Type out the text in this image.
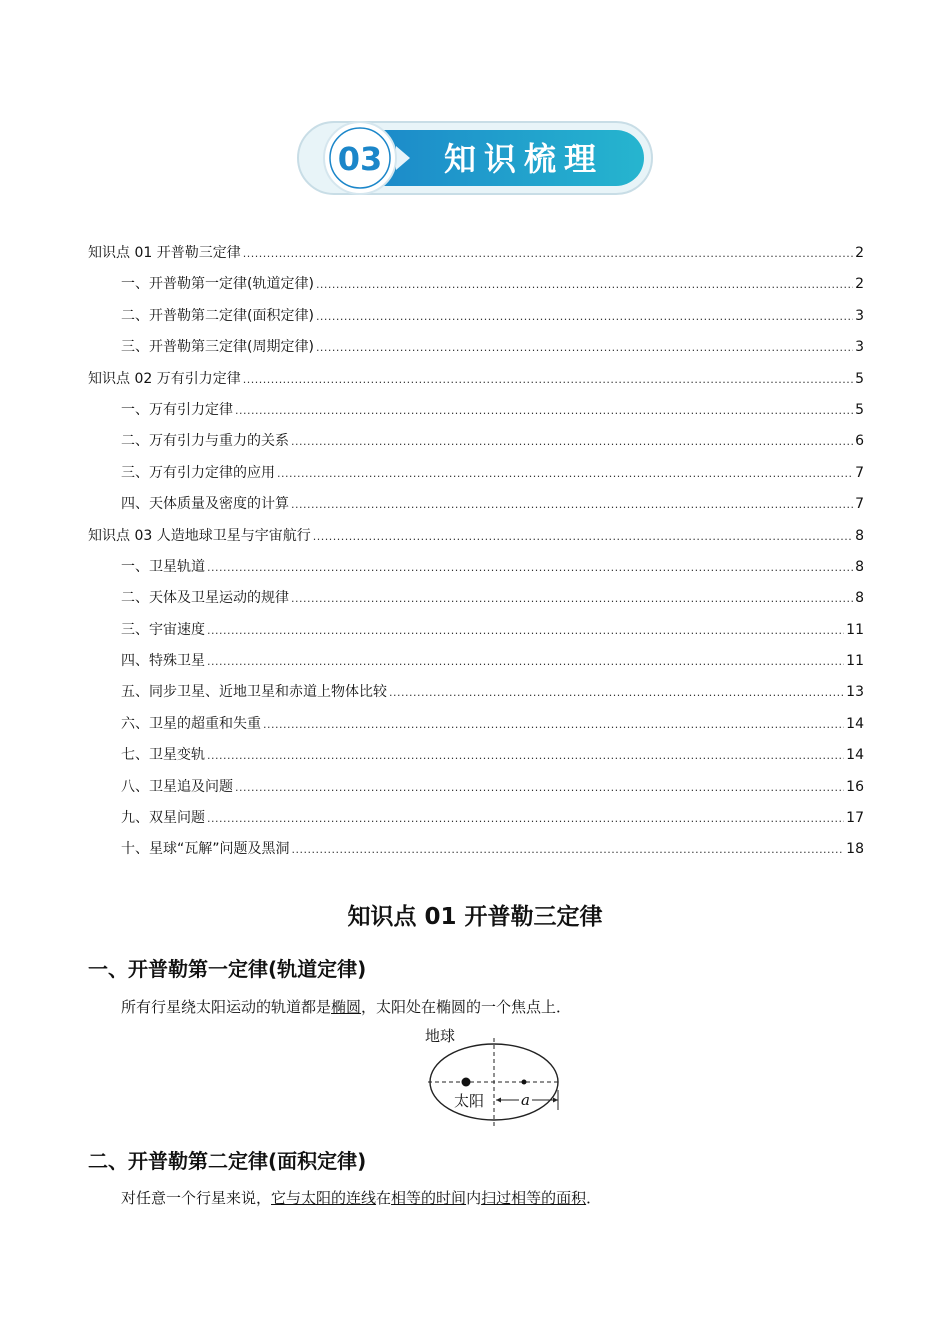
03 知识梳理
知识点 01 开普勒三定律 .....	2
一、开普勒第一定律(轨道定律) .....	2
二、开普勒第二定律(面积定律) .....	3
三、开普勒第三定律(周期定律) .....	3
知识点 02 万有引力定律 .....	5
一、万有引力定律 .....	5
二、万有引力与重力的关系 .....	6
三、万有引力定律的应用 .....	7
四、天体质量及密度的计算 .....	7
知识点 03 人造地球卫星与宇宙航行 .....	8
一、卫星轨道 .....	8
二、天体及卫星运动的规律 .....	8
三、宇宙速度 .....	11
四、特殊卫星 .....	11
五、同步卫星、近地卫星和赤道上物体比较 .....	13
六、卫星的超重和失重 .....	14
七、卫星变轨 .....	14
八、卫星追及问题 .....	16
九、双星问题 .....	17
十、星球“瓦解”问题及黑洞 .....	18
知识点 01 开普勒三定律
一、开普勒第一定律(轨道定律)
所有行星绕太阳运动的轨道都是椭圆，太阳处在椭圆的一个焦点上．
地球
太阳 a
二、开普勒第二定律(面积定律)
对任意一个行星来说，它与太阳的连线在相等的时间内扫过相等的面积．
